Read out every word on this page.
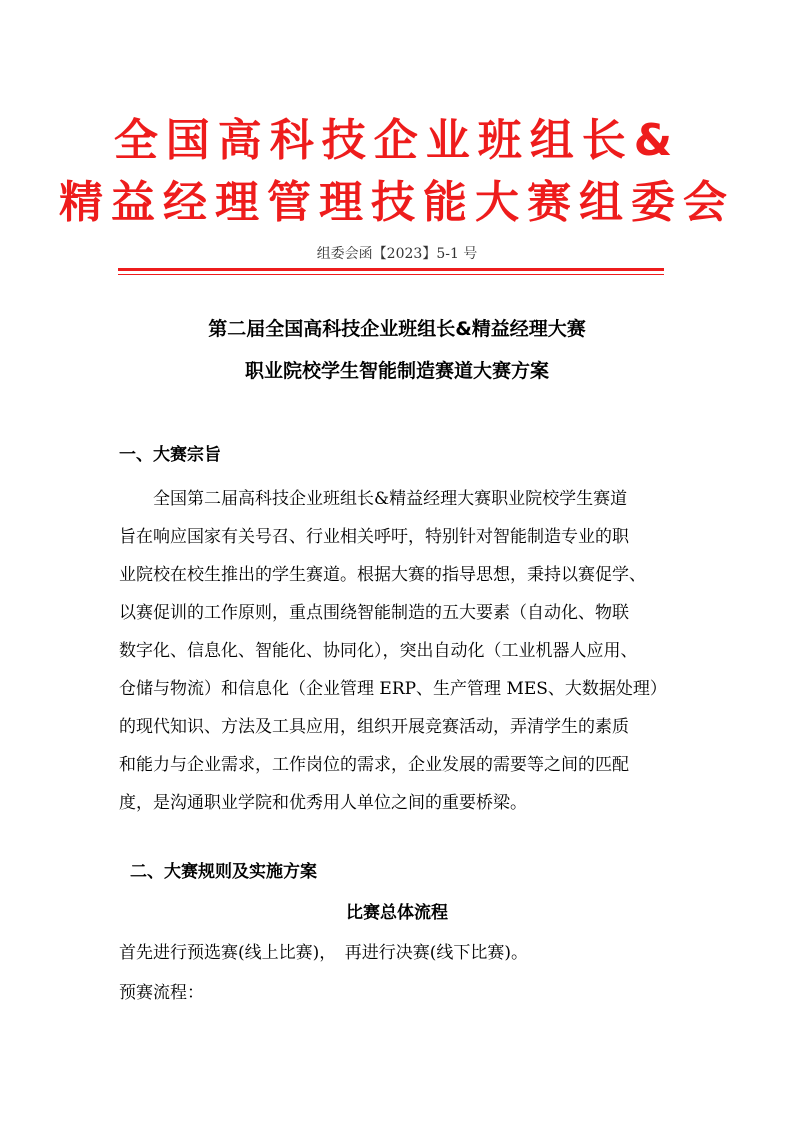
全国高科技企业班组长&
精益经理管理技能大赛组委会
组委会函【2023】5-1 号
第二届全国高科技企业班组长&精益经理大赛
职业院校学生智能制造赛道大赛方案
一、大赛宗旨

　　全国第二届高科技企业班组长&精益经理大赛职业院校学生赛道

旨在响应国家有关号召、行业相关呼吁，特别针对智能制造专业的职

业院校在校生推出的学生赛道。根据大赛的指导思想，秉持以赛促学、

以赛促训的工作原则，重点围绕智能制造的五大要素（自动化、物联

数字化、信息化、智能化、协同化），突出自动化（工业机器人应用、

仓储与物流）和信息化（企业管理 ERP、生产管理 MES、大数据处理）

的现代知识、方法及工具应用，组织开展竞赛活动，弄清学生的素质

和能力与企业需求，工作岗位的需求，企业发展的需要等之间的匹配

度，是沟通职业学院和优秀用人单位之间的重要桥梁。

二、大赛规则及实施方案
比赛总体流程
首先进行预选赛(线上比赛)，　再进行决赛(线下比赛)。
预赛流程：
